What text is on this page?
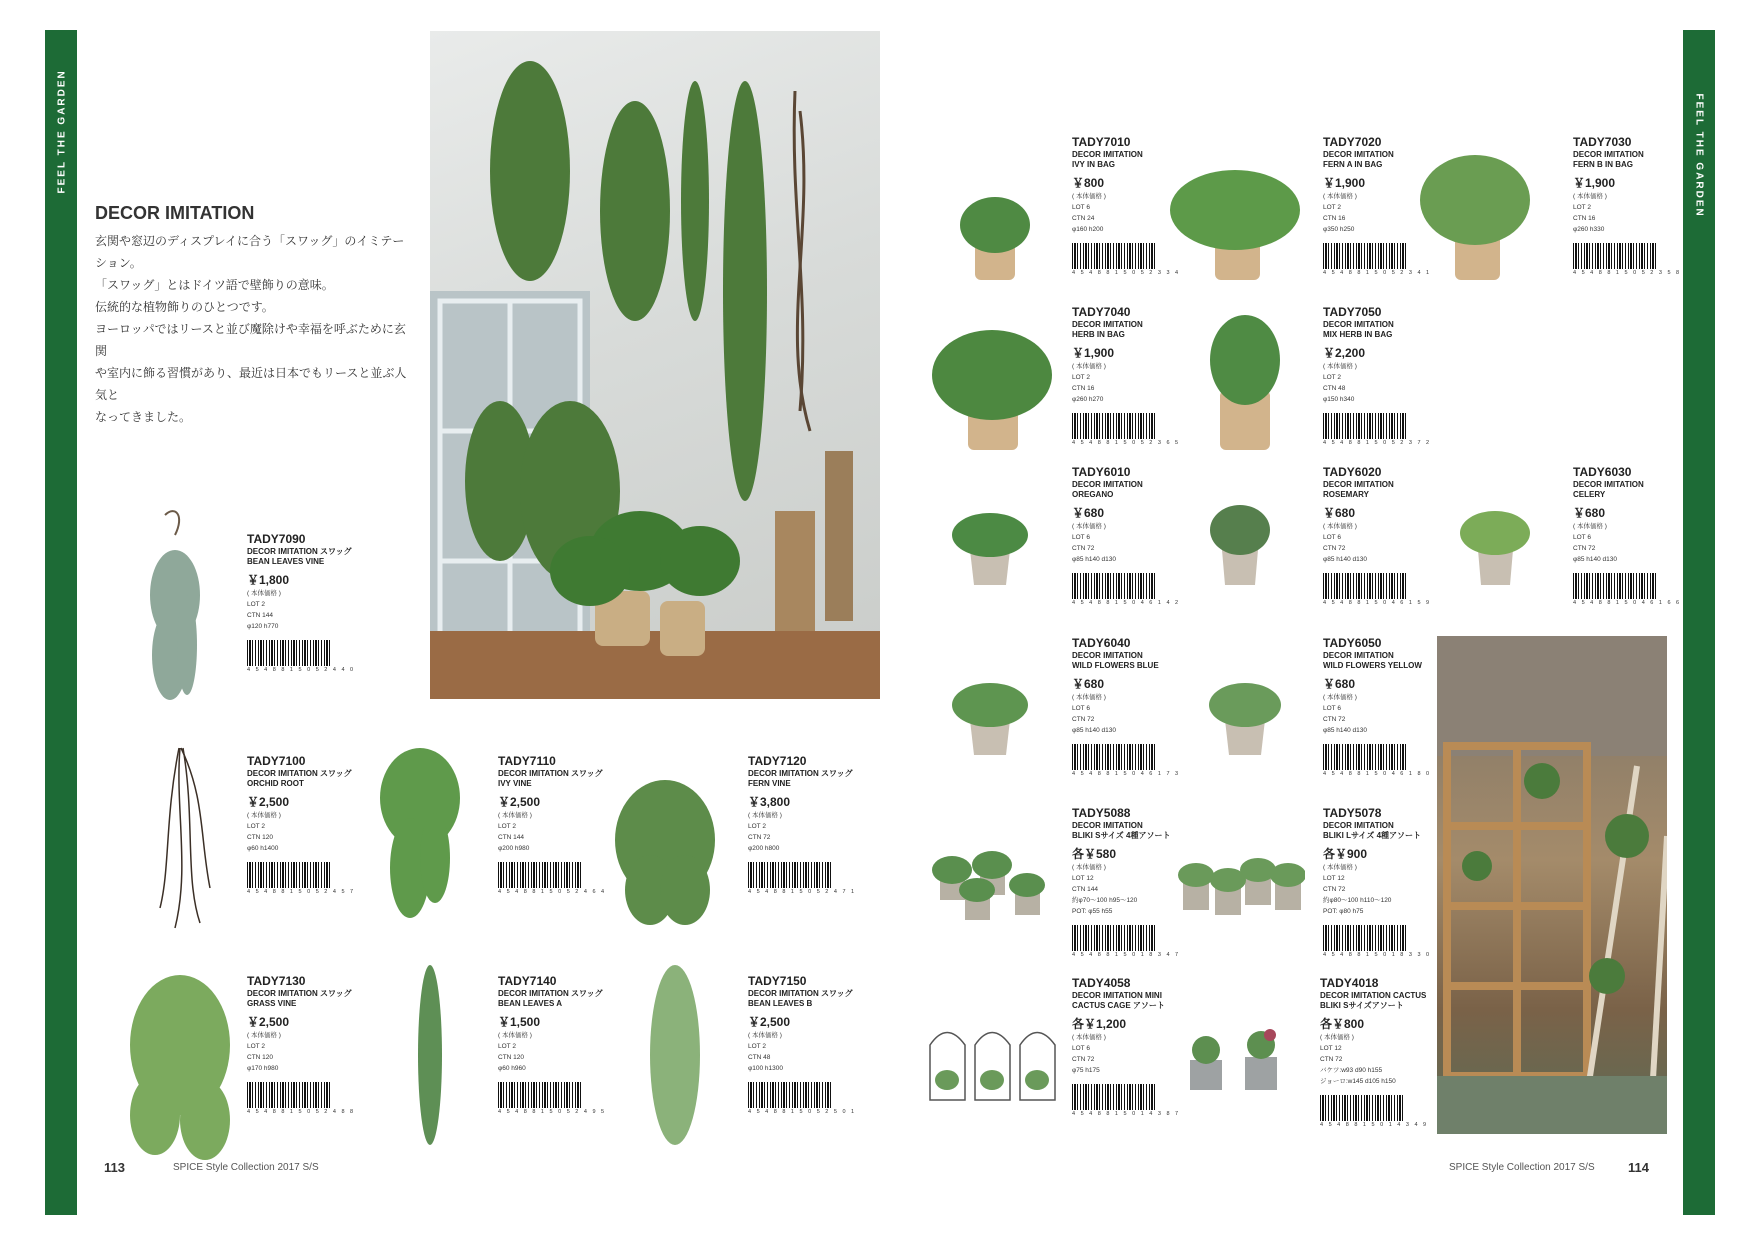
FEEL THE GARDEN	FEEL THE GARDEN
DECOR IMITATION
玄関や窓辺のディスプレイに合う「スワッグ」のイミテーション。
「スワッグ」とはドイツ語で壁飾りの意味。
伝統的な植物飾りのひとつです。
ヨーロッパではリースと並び魔除けや幸福を呼ぶために玄関
や室内に飾る習慣があり、最近は日本でもリースと並ぶ人気と
なってきました。
TADY7090
DECOR IMITATION スワッグ
BEAN LEAVES VINE
￥1,800
( 本体価格 )
LOT 2
CTN 144
φ120 h770
4 5 4 8 8 1 5 0 5 2 4 4 0
TADY7100
DECOR IMITATION スワッグ
ORCHID ROOT
￥2,500
( 本体価格 )
LOT 2
CTN 120
φ60 h1400
4 5 4 8 8 1 5 0 5 2 4 5 7
TADY7110
DECOR IMITATION スワッグ
IVY VINE
￥2,500
( 本体価格 )
LOT 2
CTN 144
φ200 h980
4 5 4 8 8 1 5 0 5 2 4 6 4
TADY7120
DECOR IMITATION スワッグ
FERN VINE
￥3,800
( 本体価格 )
LOT 2
CTN 72
φ200 h800
4 5 4 8 8 1 5 0 5 2 4 7 1
TADY7130
DECOR IMITATION スワッグ
GRASS VINE
￥2,500
( 本体価格 )
LOT 2
CTN 120
φ170 h980
4 5 4 8 8 1 5 0 5 2 4 8 8
TADY7140
DECOR IMITATION スワッグ
BEAN LEAVES A
￥1,500
( 本体価格 )
LOT 2
CTN 120
φ60 h960
4 5 4 8 8 1 5 0 5 2 4 9 5
TADY7150
DECOR IMITATION スワッグ
BEAN LEAVES B
￥2,500
( 本体価格 )
LOT 2
CTN 48
φ100 h1300
4 5 4 8 8 1 5 0 5 2 5 0 1
TADY7010
DECOR IMITATION
IVY IN BAG
￥800
( 本体価格 )
LOT 6
CTN 24
φ160 h200
4 5 4 8 8 1 5 0 5 2 3 3 4
TADY7020
DECOR IMITATION
FERN A IN BAG
￥1,900
( 本体価格 )
LOT 2
CTN 16
φ350 h250
4 5 4 8 8 1 5 0 5 2 3 4 1
TADY7030
DECOR IMITATION
FERN B IN BAG
￥1,900
( 本体価格 )
LOT 2
CTN 16
φ260 h330
4 5 4 8 8 1 5 0 5 2 3 5 8
TADY7040
DECOR IMITATION
HERB IN BAG
￥1,900
( 本体価格 )
LOT 2
CTN 16
φ260 h270
4 5 4 8 8 1 5 0 5 2 3 6 5
TADY7050
DECOR IMITATION
MIX HERB IN BAG
￥2,200
( 本体価格 )
LOT 2
CTN 48
φ150 h340
4 5 4 8 8 1 5 0 5 2 3 7 2
TADY6010
DECOR IMITATION
OREGANO
￥680
( 本体価格 )
LOT 6
CTN 72
φ85 h140 d130
4 5 4 8 8 1 5 0 4 6 1 4 2
TADY6020
DECOR IMITATION
ROSEMARY
￥680
( 本体価格 )
LOT 6
CTN 72
φ85 h140 d130
4 5 4 8 8 1 5 0 4 6 1 5 9
TADY6030
DECOR IMITATION
CELERY
￥680
( 本体価格 )
LOT 6
CTN 72
φ85 h140 d130
4 5 4 8 8 1 5 0 4 6 1 6 6
TADY6040
DECOR IMITATION
WILD FLOWERS BLUE
￥680
( 本体価格 )
LOT 6
CTN 72
φ85 h140 d130
4 5 4 8 8 1 5 0 4 6 1 7 3
TADY6050
DECOR IMITATION
WILD FLOWERS YELLOW
￥680
( 本体価格 )
LOT 6
CTN 72
φ85 h140 d130
4 5 4 8 8 1 5 0 4 6 1 8 0
TADY5088
DECOR IMITATION
BLIKI Sサイズ 4種アソート
各￥580
( 本体価格 )
LOT 12
CTN 144
約φ70〜100 h95〜120
POT: φ55 h55
4 5 4 8 8 1 5 0 1 8 3 4 7
TADY5078
DECOR IMITATION
BLIKI Lサイズ 4種アソート
各￥900
( 本体価格 )
LOT 12
CTN 72
約φ80〜100 h110〜120
POT: φ80 h75
4 5 4 8 8 1 5 0 1 8 3 3 0
TADY4058
DECOR IMITATION MINI
CACTUS CAGE アソート
各￥1,200
( 本体価格 )
LOT 6
CTN 72
φ75 h175
4 5 4 8 8 1 5 0 1 4 3 8 7
TADY4018
DECOR IMITATION CACTUS
BLIKI Sサイズアソート
各￥800
( 本体価格 )
LOT 12
CTN 72
バケツ:w93 d90 h155
ジョーロ:w145 d105 h150
4 5 4 8 8 1 5 0 1 4 3 4 9
113	SPICE Style Collection 2017 S/S	SPICE Style Collection 2017 S/S	114
